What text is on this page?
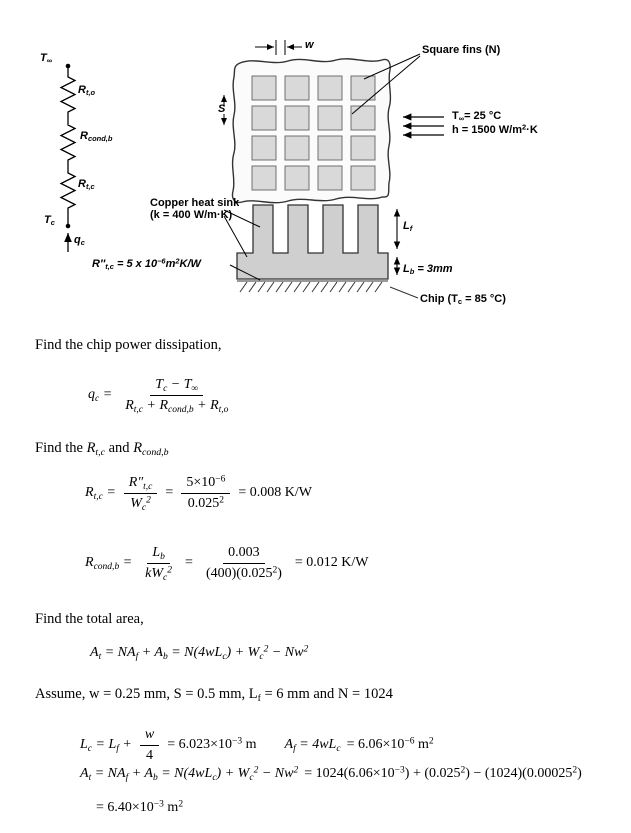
$T_\infty$
$R_{t,o}$
$R_{cond,b}$
$R_{t,c}$
$T_c$
$q_c$
w
S
Square fins (N)
$T_\infty= 25$ °C
h = 1500 $W/m^2\cdot K$
Copper heat sink
(k = 400 W/m·K)
$R''_{t,c} = 5$ x $10^{-6}m^2K/W$
$L_f$
$L_b = 3mm$
Chip ($T_c = 85$ °C)
Find the chip power dissipation,
$q_c = \frac{T_c - T_\infty}{R_{t,c} + R_{cond,b} + R_{t,o}}$
Find the $R_{t,c}$ and $R_{cond,b}$
$R_{t,c} = \frac{R''_{t,c}}{W_c^2} = \frac{5\times 10^{-6}}{0.025^2} = 0.008$ K/W
$R_{cond,b} = \frac{L_b}{kW_c^2} = \frac{0.003}{(400)(0.025^2)} = 0.012$ K/W
Find the total area,
$A_t = NA_f + A_b = N(4wL_c) + W_c^2 - Nw^2$
Assume, w = 0.25 mm, S = 0.5 mm, $L_f = 6$ mm and N = 1024
$L_c = L_f + \frac{w}{4} = 6.023\times 10^{-3}$ m $A_f = 4wL_c = 6.06\times 10^{-6}$ $m^2$
$A_t = NA_f + A_b = N(4wL_c) + W_c^2 - Nw^2 = 1024(6.06\times 10^{-3}) + (0.025^2) - (1024)(0.00025^2)$
= $6.40\times 10^{-3}$ $m^2$
